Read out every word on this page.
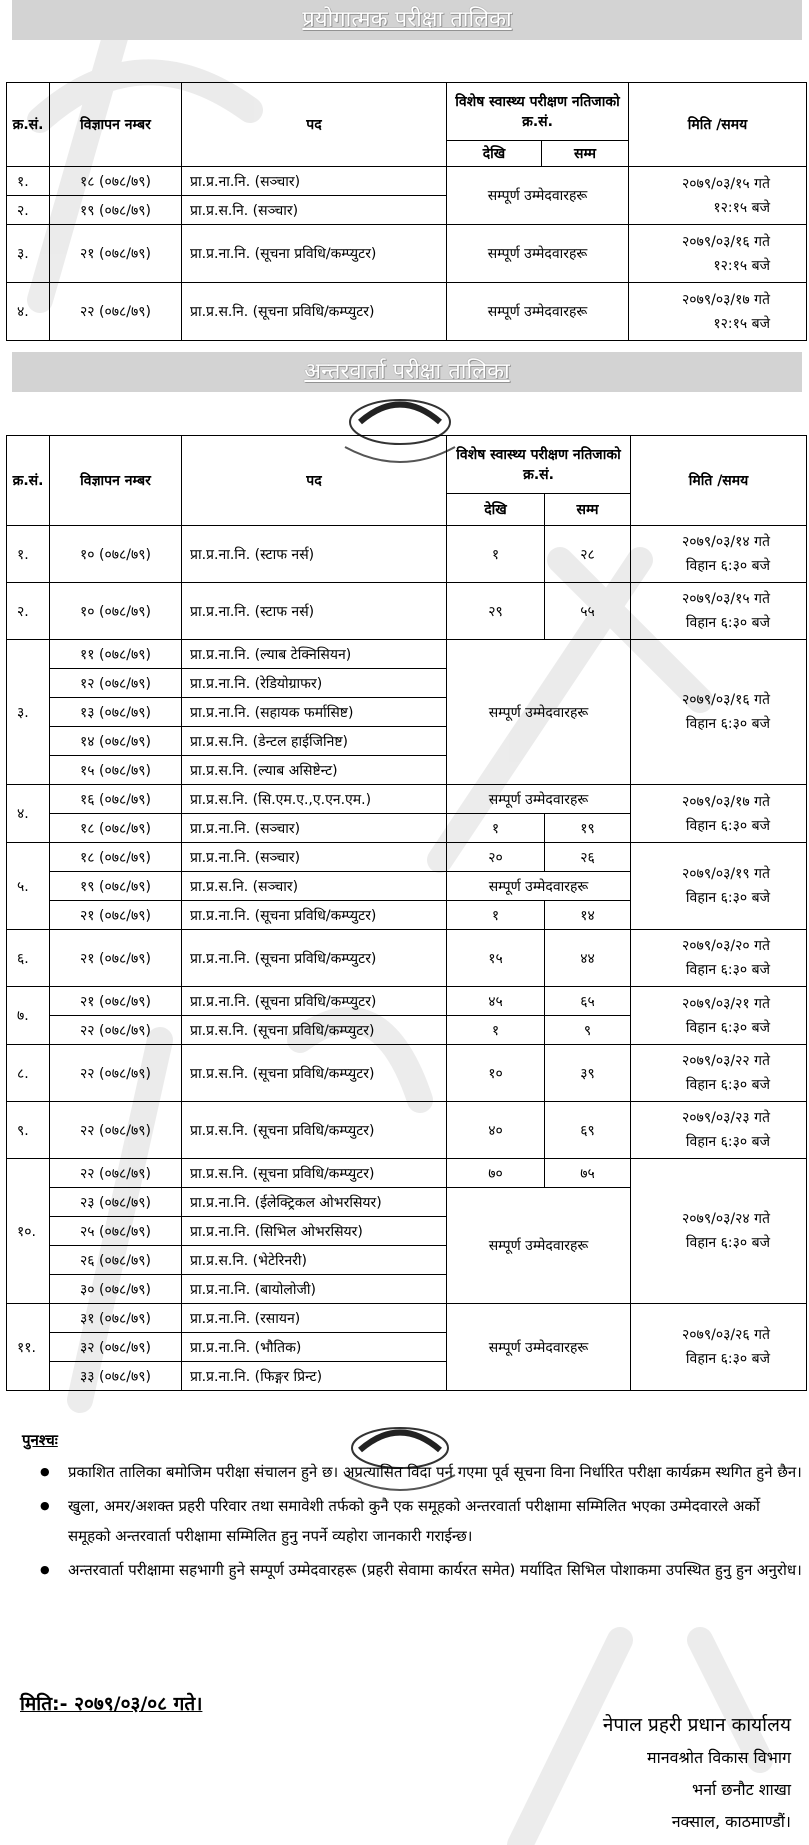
प्रयोगात्मक परीक्षा तालिका
क्र.सं.	विज्ञापन नम्बर	पद	विशेष स्वास्थ्य परीक्षण नतिजाको क्र.सं.		मिति /समय
			देखि	सम्म	
१.	१८ (०७८/७९)	प्रा.प्र.ना.नि. (सञ्चार)	सम्पूर्ण उम्मेदवारहरू		२०७९/०३/१५ गते
१२:१५ बजे

२.	१९ (०७८/७९)	प्रा.प्र.स.नि. (सञ्चार)			
३.	२१ (०७८/७९)	प्रा.प्र.ना.नि. (सूचना प्रविधि/कम्प्युटर)	सम्पूर्ण उम्मेदवारहरू		२०७९/०३/१६ गते
१२:१५ बजे

४.	२२ (०७८/७९)	प्रा.प्र.स.नि. (सूचना प्रविधि/कम्प्युटर)	सम्पूर्ण उम्मेदवारहरू		२०७९/०३/१७ गते
१२:१५ बजे
अन्तरवार्ता परीक्षा तालिका
क्र.सं.	विज्ञापन नम्बर	पद	विशेष स्वास्थ्य परीक्षण नतिजाको क्र.सं.		मिति /समय
			देखि	सम्म	
१.	१० (०७८/७९)	प्रा.प्र.ना.नि. (स्टाफ नर्स)	१	२८	२०७९/०३/१४ गते
विहान ६:३० बजे

२.	१० (०७८/७९)	प्रा.प्र.ना.नि. (स्टाफ नर्स)	२९	५५	२०७९/०३/१५ गते
विहान ६:३० बजे

३.	११ (०७८/७९)	प्रा.प्र.ना.नि. (ल्याब टेक्निसियन)	सम्पूर्ण उम्मेदवारहरू		२०७९/०३/१६ गते
विहान ६:३० बजे

	१२ (०७८/७९)	प्रा.प्र.ना.नि. (रेडियोग्राफर)			
	१३ (०७८/७९)	प्रा.प्र.ना.नि. (सहायक फर्मासिष्ट)			
	१४ (०७८/७९)	प्रा.प्र.स.नि. (डेन्टल हाईजिनिष्ट)			
	१५ (०७८/७९)	प्रा.प्र.स.नि. (ल्याब असिष्टेन्ट)			
४.	१६ (०७८/७९)	प्रा.प्र.स.नि. (सि.एम.ए.,ए.एन.एम.)	सम्पूर्ण उम्मेदवारहरू		२०७९/०३/१७ गते
विहान ६:३० बजे

	१८ (०७८/७९)	प्रा.प्र.ना.नि. (सञ्चार)	१	१९	
५.	१८ (०७८/७९)	प्रा.प्र.ना.नि. (सञ्चार)	२०	२६	२०७९/०३/१९ गते
विहान ६:३० बजे

	१९ (०७८/७९)	प्रा.प्र.स.नि. (सञ्चार)	सम्पूर्ण उम्मेदवारहरू		
	२१ (०७८/७९)	प्रा.प्र.ना.नि. (सूचना प्रविधि/कम्प्युटर)	१	१४	
६.	२१ (०७८/७९)	प्रा.प्र.ना.नि. (सूचना प्रविधि/कम्प्युटर)	१५	४४	२०७९/०३/२० गते
विहान ६:३० बजे

७.	२१ (०७८/७९)	प्रा.प्र.ना.नि. (सूचना प्रविधि/कम्प्युटर)	४५	६५	२०७९/०३/२१ गते
विहान ६:३० बजे

	२२ (०७८/७९)	प्रा.प्र.स.नि. (सूचना प्रविधि/कम्प्युटर)	१	९	
८.	२२ (०७८/७९)	प्रा.प्र.स.नि. (सूचना प्रविधि/कम्प्युटर)	१०	३९	२०७९/०३/२२ गते
विहान ६:३० बजे

९.	२२ (०७८/७९)	प्रा.प्र.स.नि. (सूचना प्रविधि/कम्प्युटर)	४०	६९	२०७९/०३/२३ गते
विहान ६:३० बजे

१०.	२२ (०७८/७९)	प्रा.प्र.स.नि. (सूचना प्रविधि/कम्प्युटर)	७०	७५	२०७९/०३/२४ गते
विहान ६:३० बजे

	२३ (०७८/७९)	प्रा.प्र.ना.नि. (ईलेक्ट्रिकल ओभरसियर)	सम्पूर्ण उम्मेदवारहरू		
	२५ (०७८/७९)	प्रा.प्र.ना.नि. (सिभिल ओभरसियर)			
	२६ (०७८/७९)	प्रा.प्र.स.नि. (भेटेरिनरी)			
	३० (०७८/७९)	प्रा.प्र.ना.नि. (बायोलोजी)			
११.	३१ (०७८/७९)	प्रा.प्र.ना.नि. (रसायन)	सम्पूर्ण उम्मेदवारहरू		२०७९/०३/२६ गते
विहान ६:३० बजे

	३२ (०७८/७९)	प्रा.प्र.ना.नि. (भौतिक)			
	३३ (०७८/७९)	प्रा.प्र.ना.नि. (फिङ्गर प्रिन्ट)			
पुनश्चः
● प्रकाशित तालिका बमोजिम परीक्षा संचालन हुने छ। अप्रत्यासित विदा पर्न गएमा पूर्व सूचना विना निर्धारित परीक्षा कार्यक्रम स्थगित हुने छैन।
● खुला, अमर/अशक्त प्रहरी परिवार तथा समावेशी तर्फको कुनै एक समूहको अन्तरवार्ता परीक्षामा सम्मिलित भएका उम्मेदवारले अर्को समूहको अन्तरवार्ता परीक्षामा सम्मिलित हुनु नपर्ने व्यहोरा जानकारी गराईन्छ।
● अन्तरवार्ता परीक्षामा सहभागी हुने सम्पूर्ण उम्मेदवारहरू (प्रहरी सेवामा कार्यरत समेत) मर्यादित सिभिल पोशाकमा उपस्थित हुनु हुन अनुरोध।
मिति:- २०७९/०३/०८ गते।
नेपाल प्रहरी प्रधान कार्यालय
मानवश्रोत विकास विभाग
भर्ना छनौट शाखा
नक्साल, काठमाण्डौं।
